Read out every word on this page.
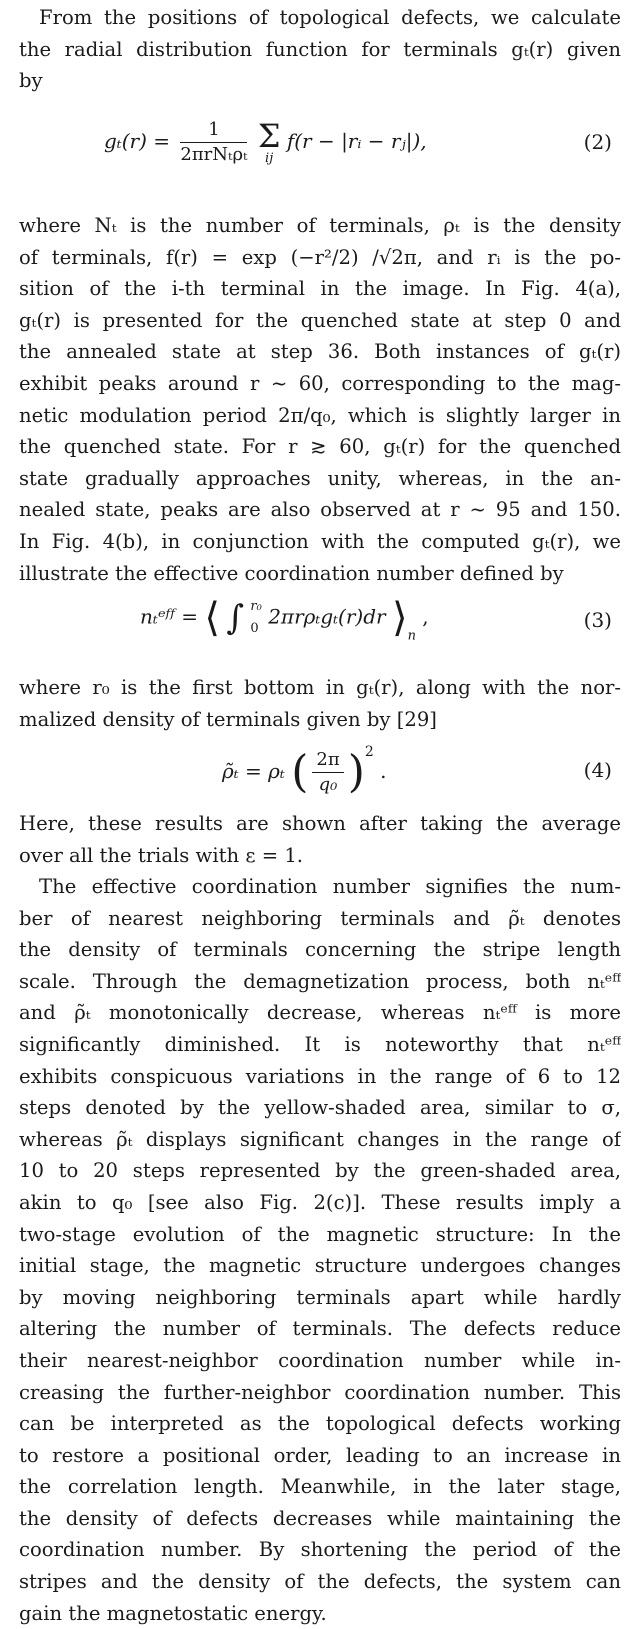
From the positions of topological defects, we calculate
the radial distribution function for terminals gₜ(r) given
by
$g_t(r) = \frac{1}{\text{2πrNₜρₜ}}$
Σ
ij
f(r − |rᵢ − rⱼ|),	(2)
where Nₜ is the number of terminals, ρₜ is the density
of terminals, f(r) = exp (−r²/2) /√2π, and rᵢ is the po-
sition of the i-th terminal in the image. In Fig. 4(a),
gₜ(r) is presented for the quenched state at step 0 and
the annealed state at step 36. Both instances of gₜ(r)
exhibit peaks around r ~ 60, corresponding to the mag-
netic modulation period 2π/q₀, which is slightly larger in
the quenched state. For r ≳ 60, gₜ(r) for the quenched
state gradually approaches unity, whereas, in the an-
nealed state, peaks are also observed at r ~ 95 and 150.
In Fig. 4(b), in conjunction with the computed gₜ(r), we
illustrate the effective coordination number defined by
nₜᵉᶠᶠ = ⟨ ∫ r₀
0 2πrρₜgₜ(r)dr $⟩_n$ ,	(3)
where r₀ is the first bottom in gₜ(r), along with the nor-
malized density of terminals given by [29]
ρ̃ₜ = ρₜ ( $\frac{2\pi}{\text{q₀}} )^2$ .	(4)
Here, these results are shown after taking the average
over all the trials with ε = 1.
The effective coordination number signifies the num-
ber of nearest neighboring terminals and ρ̃ₜ denotes
the density of terminals concerning the stripe length
scale. Through the demagnetization process, both nₜᵉᶠᶠ
and ρ̃ₜ monotonically decrease, whereas nₜᵉᶠᶠ is more
significantly diminished. It is noteworthy that nₜᵉᶠᶠ
exhibits conspicuous variations in the range of 6 to 12
steps denoted by the yellow-shaded area, similar to σ,
whereas ρ̃ₜ displays significant changes in the range of
10 to 20 steps represented by the green-shaded area,
akin to q₀ [see also Fig. 2(c)]. These results imply a
two-stage evolution of the magnetic structure: In the
initial stage, the magnetic structure undergoes changes
by moving neighboring terminals apart while hardly
altering the number of terminals. The defects reduce
their nearest-neighbor coordination number while in-
creasing the further-neighbor coordination number. This
can be interpreted as the topological defects working
to restore a positional order, leading to an increase in
the correlation length. Meanwhile, in the later stage,
the density of defects decreases while maintaining the
coordination number. By shortening the period of the
stripes and the density of the defects, the system can
gain the magnetostatic energy.
